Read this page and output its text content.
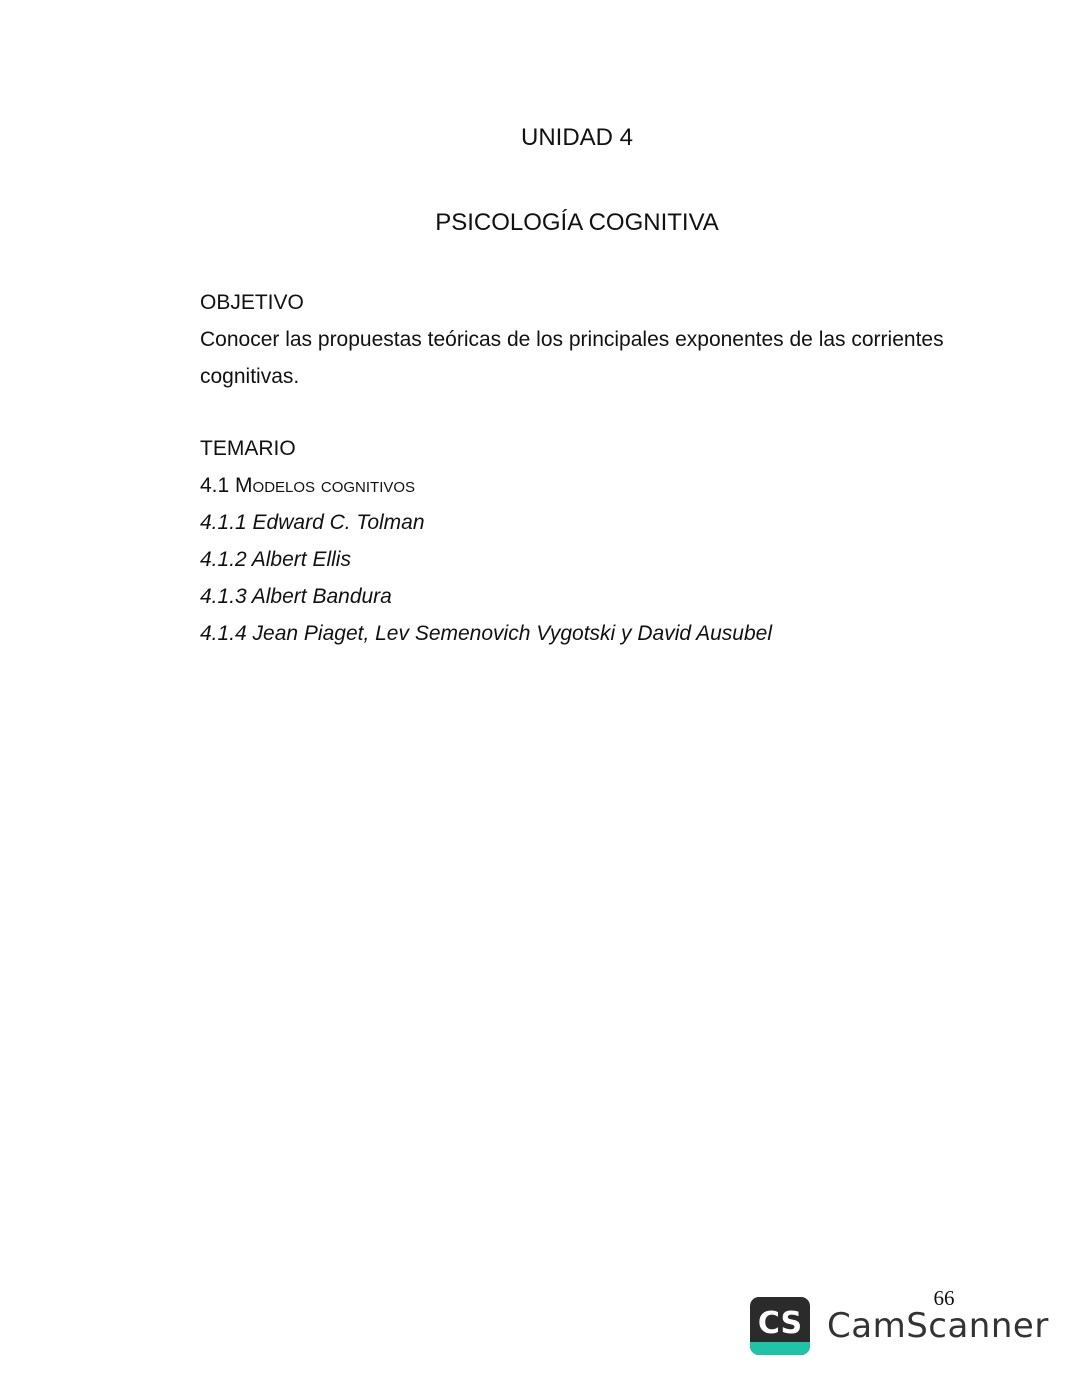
UNIDAD 4
PSICOLOGÍA COGNITIVA
OBJETIVO
Conocer las propuestas teóricas de los principales exponentes de las corrientes
cognitivas.
TEMARIO
4.1 Modelos cognitivos
4.1.1 Edward C. Tolman
4.1.2 Albert Ellis
4.1.3 Albert Bandura
4.1.4 Jean Piaget, Lev Semenovich Vygotski y David Ausubel
66
CS CamScanner
